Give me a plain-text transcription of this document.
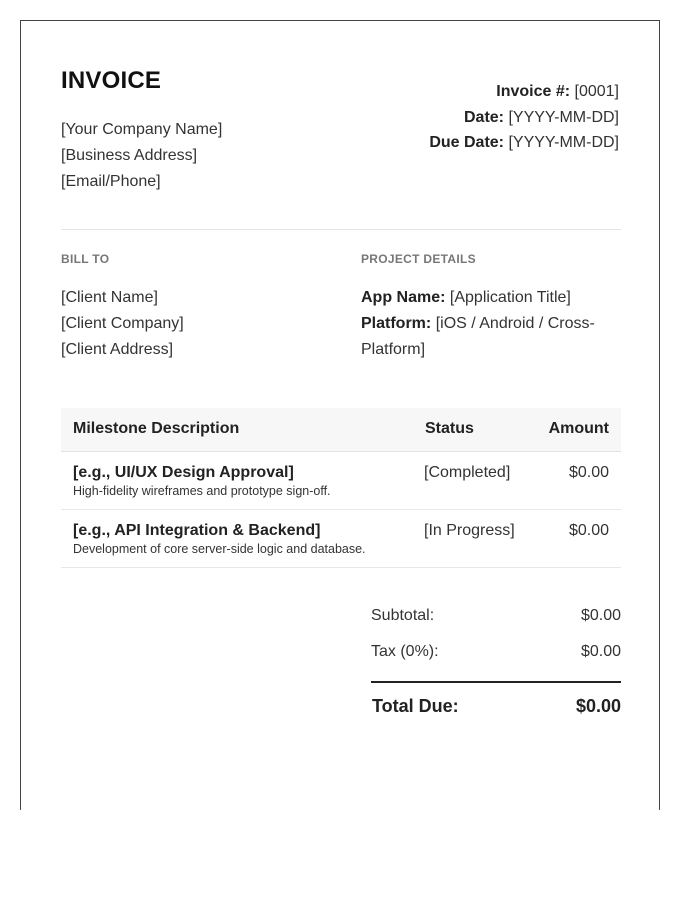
INVOICE
[Your Company Name]
[Business Address]
[Email/Phone]
Invoice #: [0001]
Date: [YYYY-MM-DD]
Due Date: [YYYY-MM-DD]
BILL TO	PROJECT DETAILS
[Client Name]
[Client Company]
[Client Address]
App Name: [Application Title]
Platform: [iOS / Android / Cross-Platform]
Milestone Description	Status	Amount
[e.g., UI/UX Design Approval]
High-fidelity wireframes and prototype sign-off.
[Completed]	$0.00
[e.g., API Integration & Backend]
Development of core server-side logic and database.
[In Progress]	$0.00
Subtotal:	$0.00
Tax (0%):	$0.00
Total Due:	$0.00
